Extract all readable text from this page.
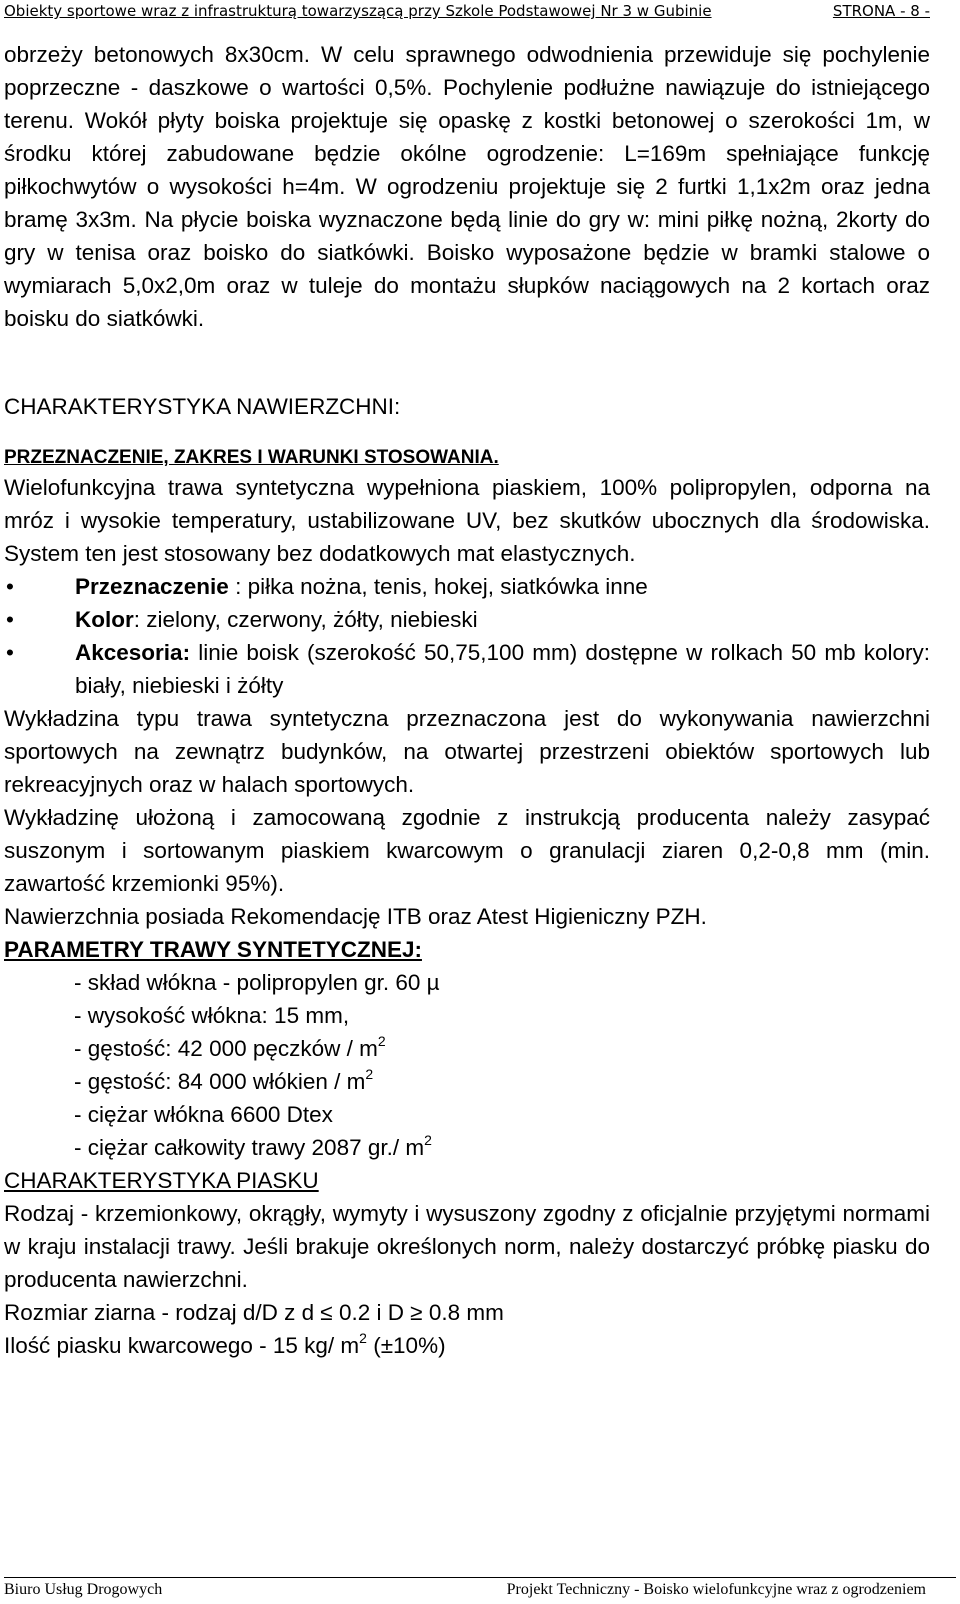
Obiekty sportowe wraz z infrastrukturą towarzyszącą przy Szkole Podstawowej Nr 3 w Gubinie	STRONA - 8 -

obrzeży betonowych 8x30cm. W celu sprawnego odwodnienia przewiduje się pochylenie poprzeczne - daszkowe o wartości 0,5%. Pochylenie podłużne nawiązuje do istniejącego terenu. Wokół płyty boiska projektuje się opaskę z kostki betonowej o szerokości 1m, w środku której zabudowane będzie okólne ogrodzenie: L=169m spełniające funkcję piłkochwytów o wysokości h=4m. W ogrodzeniu projektuje się 2 furtki 1,1x2m oraz jedna bramę 3x3m. Na płycie boiska wyznaczone będą linie do gry w: mini piłkę nożną, 2korty do gry w tenisa oraz boisko do siatkówki. Boisko wyposażone będzie w bramki stalowe o wymiarach 5,0x2,0m oraz w tuleje do montażu słupków naciągowych na 2 kortach oraz boisku do siatkówki.

CHARAKTERYSTYKA NAWIERZCHNI:

PRZEZNACZENIE, ZAKRES I WARUNKI STOSOWANIA.

Wielofunkcyjna trawa syntetyczna wypełniona piaskiem, 100% polipropylen, odporna na mróz i wysokie temperatury, ustabilizowane UV, bez skutków ubocznych dla środowiska. System ten jest stosowany bez dodatkowych mat elastycznych.

• Przeznaczenie : piłka nożna, tenis, hokej, siatkówka inne
• Kolor: zielony, czerwony, żółty, niebieski
• Akcesoria: linie boisk (szerokość 50,75,100 mm) dostępne w rolkach 50 mb kolory: biały, niebieski i żółty

Wykładzina typu trawa syntetyczna przeznaczona jest do wykonywania nawierzchni sportowych na zewnątrz budynków, na otwartej przestrzeni obiektów sportowych lub rekreacyjnych oraz w halach sportowych.

Wykładzinę ułożoną i zamocowaną zgodnie z instrukcją producenta należy zasypać suszonym i sortowanym piaskiem kwarcowym o granulacji ziaren 0,2-0,8 mm (min. zawartość krzemionki 95%).

Nawierzchnia posiada Rekomendację ITB oraz Atest Higieniczny PZH.

PARAMETRY TRAWY SYNTETYCZNEJ:

- skład włókna - polipropylen gr. 60 µ
- wysokość włókna: 15 mm,
- gęstość: 42 000 pęczków / $m^2$
- gęstość: 84 000 włókien / $m^2$
- ciężar włókna 6600 Dtex
- ciężar całkowity trawy 2087 gr./ $m^2$

CHARAKTERYSTYKA PIASKU

Rodzaj - krzemionkowy, okrągły, wymyty i wysuszony zgodny z oficjalnie przyjętymi normami w kraju instalacji trawy. Jeśli brakuje określonych norm, należy dostarczyć próbkę piasku do producenta nawierzchni.

Rozmiar ziarna - rodzaj d/D z d ≤ 0.2 i D ≥ 0.8 mm

Ilość piasku kwarcowego - 15 kg/ $m^2$ (±10%)

Biuro Usług Drogowych	Projekt Techniczny - Boisko wielofunkcyjne wraz z ogrodzeniem
